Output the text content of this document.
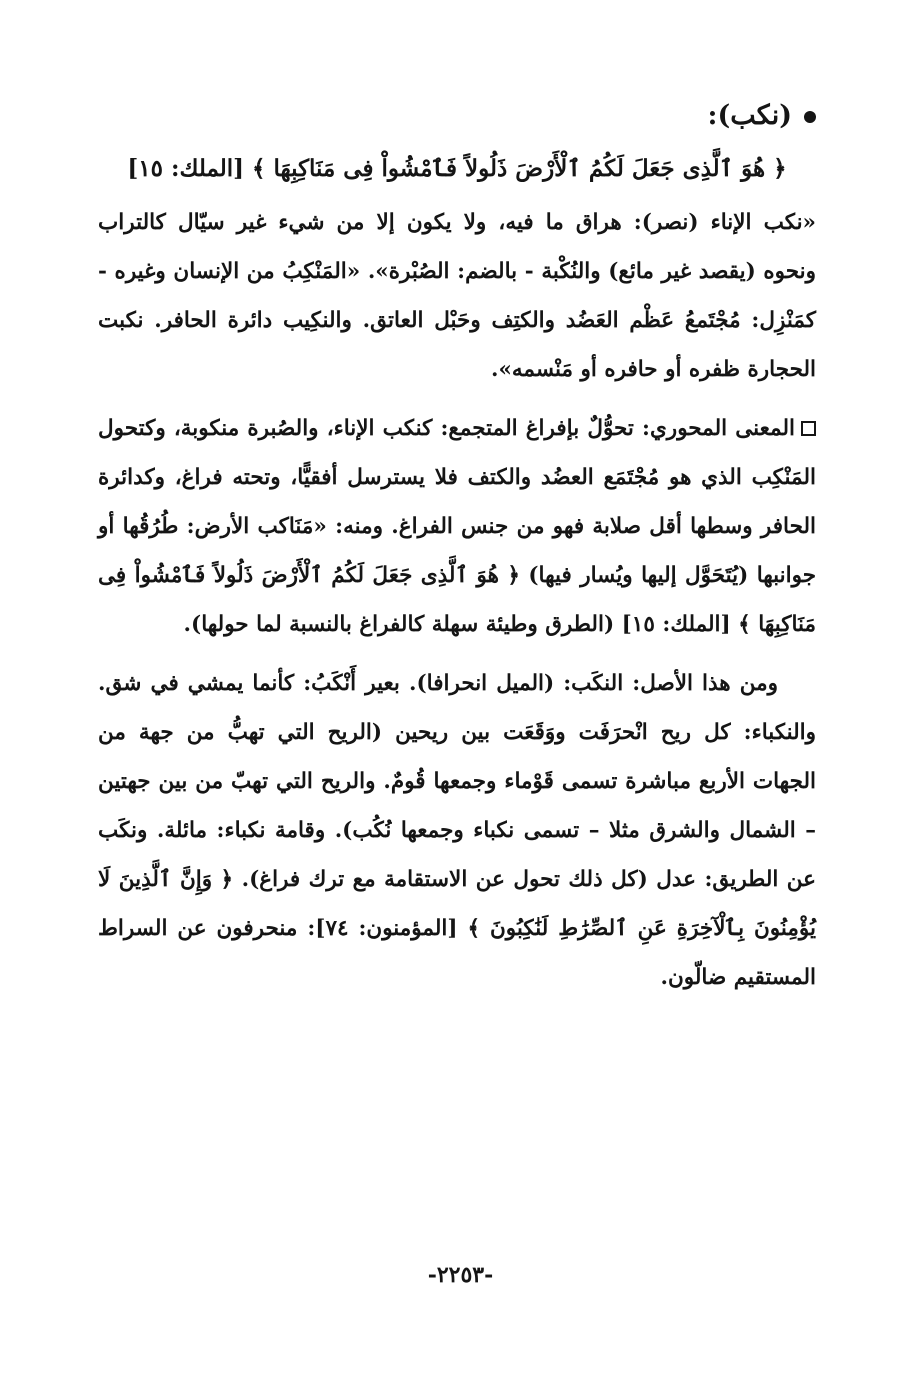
(نكب):
﴿ هُوَ ٱلَّذِى جَعَلَ لَكُمُ ٱلْأَرْضَ ذَلُولاً فَٱمْشُواْ فِى مَنَاكِبِهَا ﴾ [الملك: ١٥]

«نكب الإناء (نصر): هراق ما فيه، ولا يكون إلا من شيء غير سيّال كالتراب ونحوه (يقصد غير مائع) والنُكْبة - بالضم: الصُبْرة». «المَنْكِبُ من الإنسان وغيره - كمَنْزِل: مُجْتَمعُ عَظْم العَضُد والكتِف وحَبْل العاتق. والنكِيب دائرة الحافر. نكبت الحجارة ظفره أو حافره أو مَنْسمه».

المعنى المحوري: تحوُّلٌ بإفراغ المتجمع: كنكب الإناء، والصُبرة منكوبة، وكتحول المَنْكِب الذي هو مُجْتَمَع العضُد والكتف فلا يسترسل أفقيًّا، وتحته فراغ، وكدائرة الحافر وسطها أقل صلابة فهو من جنس الفراغ. ومنه: «مَنَاكب الأرض: طُرُقُها أو جوانبها (يُتَحَوَّل إليها ويُسار فيها) ﴿ هُوَ ٱلَّذِى جَعَلَ لَكُمُ ٱلْأَرْضَ ذَلُولاً فَٱمْشُواْ فِى مَنَاكِبِهَا ﴾ [الملك: ١٥] (الطرق وطيئة سهلة كالفراغ بالنسبة لما حولها).

ومن هذا الأصل: النكَب: (الميل انحرافا). بعير أَنْكَبُ: كأنما يمشي في شق. والنكباء: كل ريح انْحرَفَت ووَقَعَت بين ريحين (الريح التي تهبُّ من جهة من الجهات الأربع مباشرة تسمى قَوْماء وجمعها قُومٌ. والريح التي تهبّ من بين جهتين – الشمال والشرق مثلا – تسمى نكباء وجمعها نُكُب). وقامة نكباء: مائلة. ونكَب عن الطريق: عدل (كل ذلك تحول عن الاستقامة مع ترك فراغ). ﴿ وَإِنَّ ٱلَّذِينَ لَا يُؤْمِنُونَ بِٱلْآخِرَةِ عَنِ ٱلصِّرَٰطِ لَنَٰكِبُونَ ﴾ [المؤمنون: ٧٤]: منحرفون عن السراط المستقيم ضالّون.

-٢٢٥٣-
